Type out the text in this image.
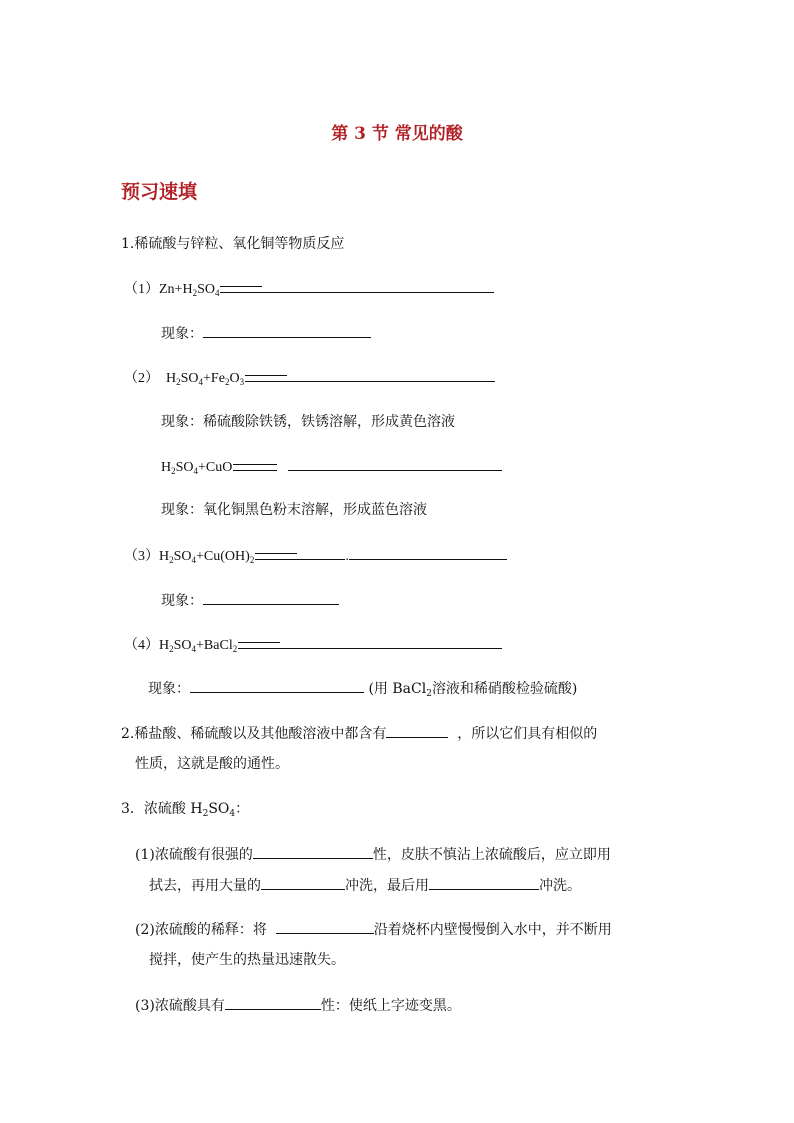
第 3 节 常见的酸
预习速填
1.稀硫酸与锌粒、氧化铜等物质反应
$(1)Zn+H_2SO_4$
现象：
（2） $H_2SO_4+Fe_2O_3$
现象：稀硫酸除铁锈，铁锈溶解，形成黄色溶液
$H_2SO_4+CuO$
现象：氧化铜黑色粉末溶解，形成蓝色溶液
$(3)H_2SO_4+Cu(OH)_2$	.
现象：
$(4)H_2SO_4+BaCl_2$
现象：	(用 BaCl$_2$溶液和稀硝酸检验硫酸)
2.稀盐酸、稀硫酸以及其他酸溶液中都含有	，所以它们具有相似的
性质，这就是酸的通性。
3．浓硫酸 $H_2SO_4$：
(1)浓硫酸有很强的	性，皮肤不慎沾上浓硫酸后，应立即用
拭去，再用大量的	冲洗，最后用	冲洗。
(2)浓硫酸的稀释：将	沿着烧杯内壁慢慢倒入水中，并不断用
搅拌，使产生的热量迅速散失。
(3)浓硫酸具有	性：使纸上字迹变黑。
